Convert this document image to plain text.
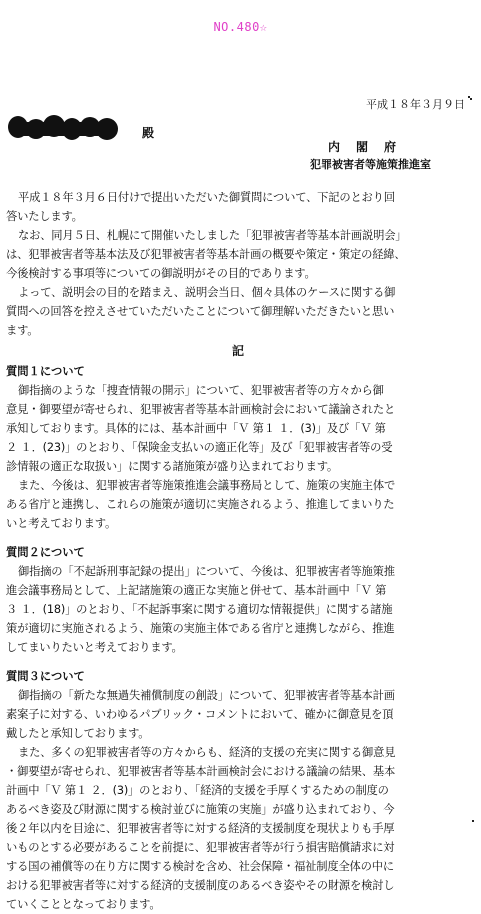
NO.480☆
平成１８年３月９日
殿
内閣府
犯罪被害者等施策推進室

平成１８年３月６日付けで提出いただいた御質問について、下記のとおり回

答いたします。

なお、同月５日、札幌にて開催いたしました「犯罪被害者等基本計画説明会」

は、犯罪被害者等基本法及び犯罪被害者等基本計画の概要や策定・策定の経緯、

今後検討する事項等についての御説明がその目的であります。

よって、説明会の目的を踏まえ、説明会当日、個々具体のケースに関する御

質問への回答を控えさせていただいたことについて御理解いただきたいと思い

ます。

記

質問１について

御指摘のような「捜査情報の開示」について、犯罪被害者等の方々から御

意見・御要望が寄せられ、犯罪被害者等基本計画検討会において議論されたと

承知しております。具体的には、基本計画中「Ｖ 第１ １．(3)」及び「Ｖ 第

２ １．(23)」のとおり、「保険金支払いの適正化等」及び「犯罪被害者等の受

診情報の適正な取扱い」に関する諸施策が盛り込まれております。

また、今後は、犯罪被害者等施策推進会議事務局として、施策の実施主体で

ある省庁と連携し、これらの施策が適切に実施されるよう、推進してまいりた

いと考えております。

質問２について

御指摘の「不起訴刑事記録の提出」について、今後は、犯罪被害者等施策推

進会議事務局として、上記諸施策の適正な実施と併せて、基本計画中「Ｖ 第

３ １．(18)」のとおり、「不起訴事案に関する適切な情報提供」に関する諸施

策が適切に実施されるよう、施策の実施主体である省庁と連携しながら、推進

してまいりたいと考えております。

質問３について

御指摘の「新たな無過失補償制度の創設」について、犯罪被害者等基本計画

素案子に対する、いわゆるパブリック・コメントにおいて、確かに御意見を頂

戴したと承知しております。

また、多くの犯罪被害者等の方々からも、経済的支援の充実に関する御意見

・御要望が寄せられ、犯罪被害者等基本計画検討会における議論の結果、基本

計画中「Ｖ 第１ ２．(3)」のとおり、「経済的支援を手厚くするための制度の

あるべき姿及び財源に関する検討並びに施策の実施」が盛り込まれており、今

後２年以内を目途に、犯罪被害者等に対する経済的支援制度を現状よりも手厚

いものとする必要があることを前提に、犯罪被害者等が行う損害賠償請求に対

する国の補償等の在り方に関する検討を含め、社会保障・福祉制度全体の中に

おける犯罪被害者等に対する経済的支援制度のあるべき姿やその財源を検討し

ていくこととなっております。
